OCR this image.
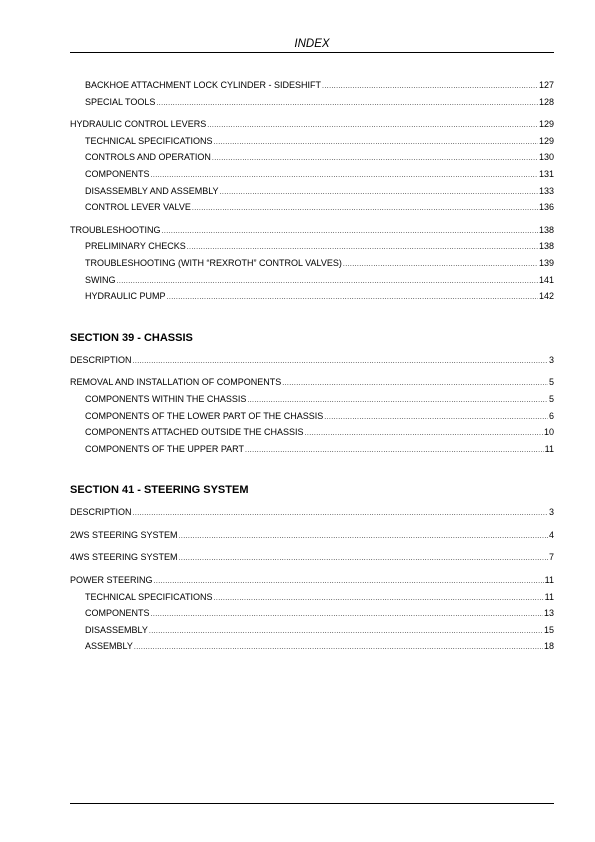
INDEX
BACKHOE ATTACHMENT LOCK CYLINDER - SIDESHIFT .....	127
SPECIAL TOOLS .....	128
HYDRAULIC CONTROL LEVERS .....	129
TECHNICAL SPECIFICATIONS .....	129
CONTROLS AND OPERATION .....	130
COMPONENTS .....	131
DISASSEMBLY AND ASSEMBLY .....	133
CONTROL LEVER VALVE .....	136
TROUBLESHOOTING .....	138
PRELIMINARY CHECKS .....	138
TROUBLESHOOTING (WITH “REXROTH” CONTROL VALVES) .....	139
SWING .....	141
HYDRAULIC PUMP .....	142
SECTION 39 - CHASSIS
DESCRIPTION .....	3
REMOVAL AND INSTALLATION OF COMPONENTS .....	5
COMPONENTS WITHIN THE CHASSIS .....	5
COMPONENTS OF THE LOWER PART OF THE CHASSIS .....	6
COMPONENTS ATTACHED OUTSIDE THE CHASSIS .....	10
COMPONENTS OF THE UPPER PART .....	11
SECTION 41 - STEERING SYSTEM
DESCRIPTION .....	3
2WS STEERING SYSTEM .....	4
4WS STEERING SYSTEM .....	7
POWER STEERING .....	11
TECHNICAL SPECIFICATIONS .....	11
COMPONENTS .....	13
DISASSEMBLY .....	15
ASSEMBLY .....	18
